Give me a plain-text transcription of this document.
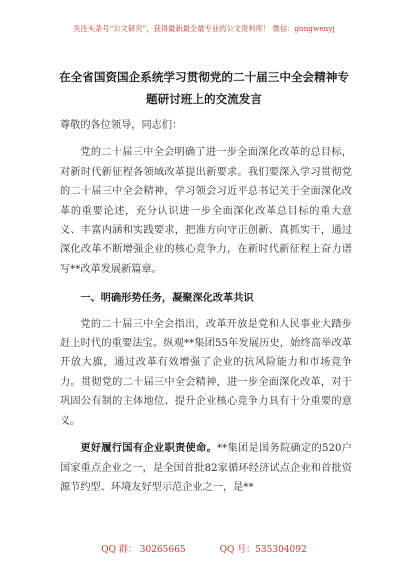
关注头条号“公文研究”，获得最新最全最专业的公文资料库！ 微信：gongwenyj
在全省国资国企系统学习贯彻党的二十届三中全会精神专题研讨班上的交流发言

尊敬的各位领导，同志们：

党的二十届三中全会明确了进一步全面深化改革的总目标，对新时代新征程各领域改革提出新要求。我们要深入学习贯彻党的二十届三中全会精神，学习领会习近平总书记关于全面深化改革的重要论述，充分认识进一步全面深化改革总目标的重大意义、丰富内涵和实践要求，把准方向守正创新、真抓实干，通过深化改革不断增强企业的核心竞争力，在新时代新征程上奋力谱写**改革发展新篇章。

一、明确形势任务，凝聚深化改革共识

党的二十届三中全会指出，改革开放是党和人民事业大踏步赶上时代的重要法宝。纵观**集团55年发展历史，始终高举改革开放大旗，通过改革有效增强了企业的抗风险能力和市场竞争力。贯彻党的二十届三中全会精神，进一步全面深化改革，对于巩固公有制的主体地位、提升企业核心竞争力具有十分重要的意义。

更好履行国有企业职责使命。**集团是国务院确定的520户国家重点企业之一，是全国首批82家循环经济试点企业和首批资源节约型、环境友好型示范企业之一，是**

QQ 群： 30265665	QQ 号：535304092
